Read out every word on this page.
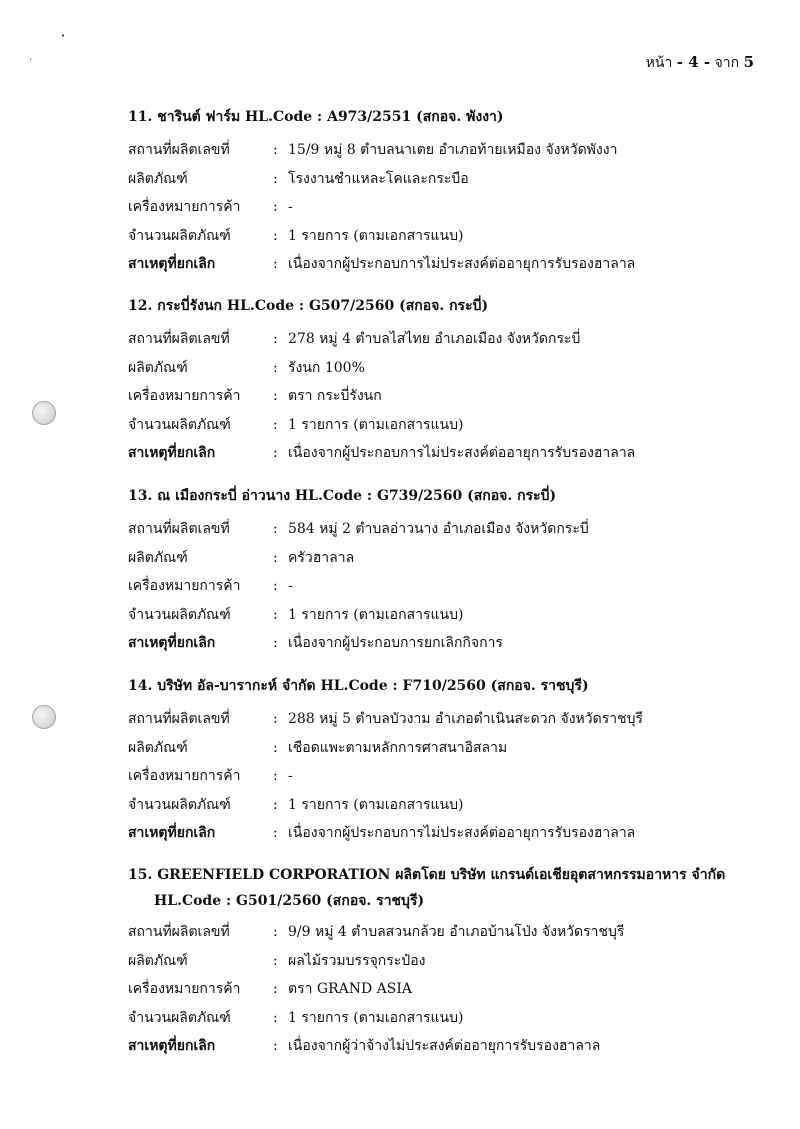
หน้า - 4 - จาก 5
11. ชารินต์ ฟาร์ม HL.Code : A973/2551 (สกอจ. พังงา)
สถานที่ผลิตเลขที่	: 15/9 หมู่ 8 ตำบลนาเตย อำเภอท้ายเหมือง จังหวัดพังงา
ผลิตภัณฑ์	: โรงงานชำแหละโคและกระบือ
เครื่องหมายการค้า : -
จำนวนผลิตภัณฑ์	: 1 รายการ (ตามเอกสารแนบ)
สาเหตุที่ยกเลิก	: เนื่องจากผู้ประกอบการไม่ประสงค์ต่ออายุการรับรองฮาลาล
12. กระบี่รังนก HL.Code : G507/2560 (สกอจ. กระบี่)
สถานที่ผลิตเลขที่	: 278 หมู่ 4 ตำบลไสไทย อำเภอเมือง จังหวัดกระบี่
ผลิตภัณฑ์	: รังนก 100%
เครื่องหมายการค้า : ตรา กระบี่รังนก
จำนวนผลิตภัณฑ์	: 1 รายการ (ตามเอกสารแนบ)
สาเหตุที่ยกเลิก	: เนื่องจากผู้ประกอบการไม่ประสงค์ต่ออายุการรับรองฮาลาล
13. ณ เมืองกระบี่ อ่าวนาง HL.Code : G739/2560 (สกอจ. กระบี่)
สถานที่ผลิตเลขที่	: 584 หมู่ 2 ตำบลอ่าวนาง อำเภอเมือง จังหวัดกระบี่
ผลิตภัณฑ์	: ครัวฮาลาล
เครื่องหมายการค้า : -
จำนวนผลิตภัณฑ์	: 1 รายการ (ตามเอกสารแนบ)
สาเหตุที่ยกเลิก	: เนื่องจากผู้ประกอบการยกเลิกกิจการ
14. บริษัท อัล-บารากะห์ จำกัด HL.Code : F710/2560 (สกอจ. ราชบุรี)
สถานที่ผลิตเลขที่	: 288 หมู่ 5 ตำบลบัวงาม อำเภอดำเนินสะดวก จังหวัดราชบุรี
ผลิตภัณฑ์	: เชือดแพะตามหลักการศาสนาอิสลาม
เครื่องหมายการค้า : -
จำนวนผลิตภัณฑ์	: 1 รายการ (ตามเอกสารแนบ)
สาเหตุที่ยกเลิก	: เนื่องจากผู้ประกอบการไม่ประสงค์ต่ออายุการรับรองฮาลาล
15. GREENFIELD CORPORATION ผลิตโดย บริษัท แกรนด์เอเชียอุตสาหกรรมอาหาร จำกัด
HL.Code : G501/2560 (สกอจ. ราชบุรี)
สถานที่ผลิตเลขที่	: 9/9 หมู่ 4 ตำบลสวนกล้วย อำเภอบ้านโป่ง จังหวัดราชบุรี
ผลิตภัณฑ์	: ผลไม้รวมบรรจุกระป๋อง
เครื่องหมายการค้า : ตรา GRAND ASIA
จำนวนผลิตภัณฑ์	: 1 รายการ (ตามเอกสารแนบ)
สาเหตุที่ยกเลิก	: เนื่องจากผู้ว่าจ้างไม่ประสงค์ต่ออายุการรับรองฮาลาล
